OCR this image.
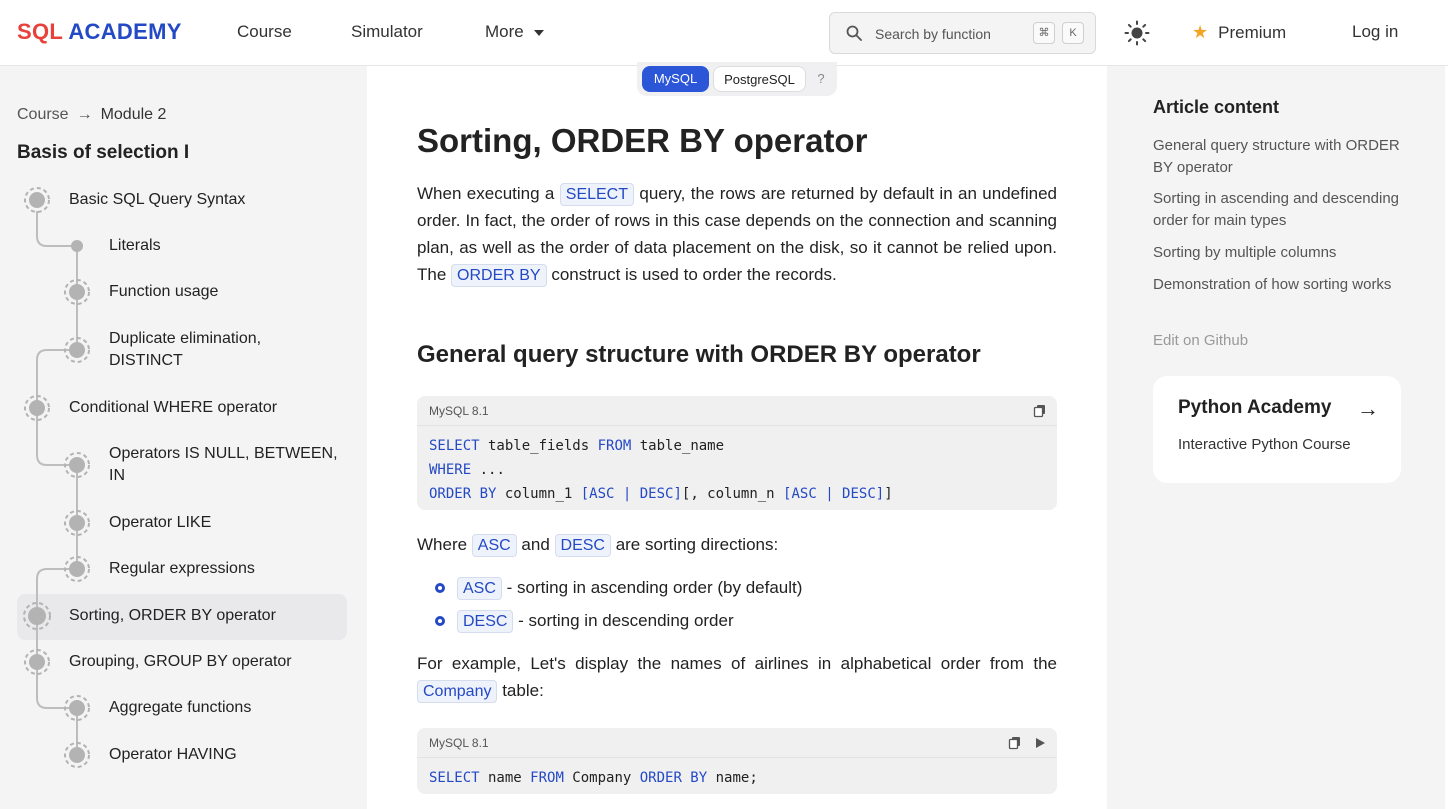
SQL ACADEMY	Course	Simulator	More
Search by function	⌘	K	★ Premium	Log in
Course → Module 2
Basis of selection I
Basic SQL Query Syntax
Literals
Function usage
Duplicate elimination, DISTINCT
Conditional WHERE operator
Operators IS NULL, BETWEEN, IN
Operator LIKE
Regular expressions
Sorting, ORDER BY operator
Grouping, GROUP BY operator
Aggregate functions
Operator HAVING
MySQL	PostgreSQL	?
Sorting, ORDER BY operator

When executing a SELECT query, the rows are returned by default in an undefined order. In fact, the order of rows in this case depends on the connection and scanning plan, as well as the order of data placement on the disk, so it cannot be relied upon. The ORDER BY construct is used to order the records.

General query structure with ORDER BY operator
MySQL 8.1
SELECT table_fields FROM table_name
WHERE ...
ORDER BY column_1 [ASC | DESC][, column_n [ASC | DESC]]

Where ASC and DESC are sorting directions:

ASC - sorting in ascending order (by default)
DESC - sorting in descending order

For example, Let's display the names of airlines in alphabetical order from the Company table:

MySQL 8.1
SELECT name FROM Company ORDER BY name;
Article content
General query structure with ORDER BY operator
Sorting in ascending and descending order for main types
Sorting by multiple columns
Demonstration of how sorting works
Edit on Github
Python Academy →
Interactive Python Course
